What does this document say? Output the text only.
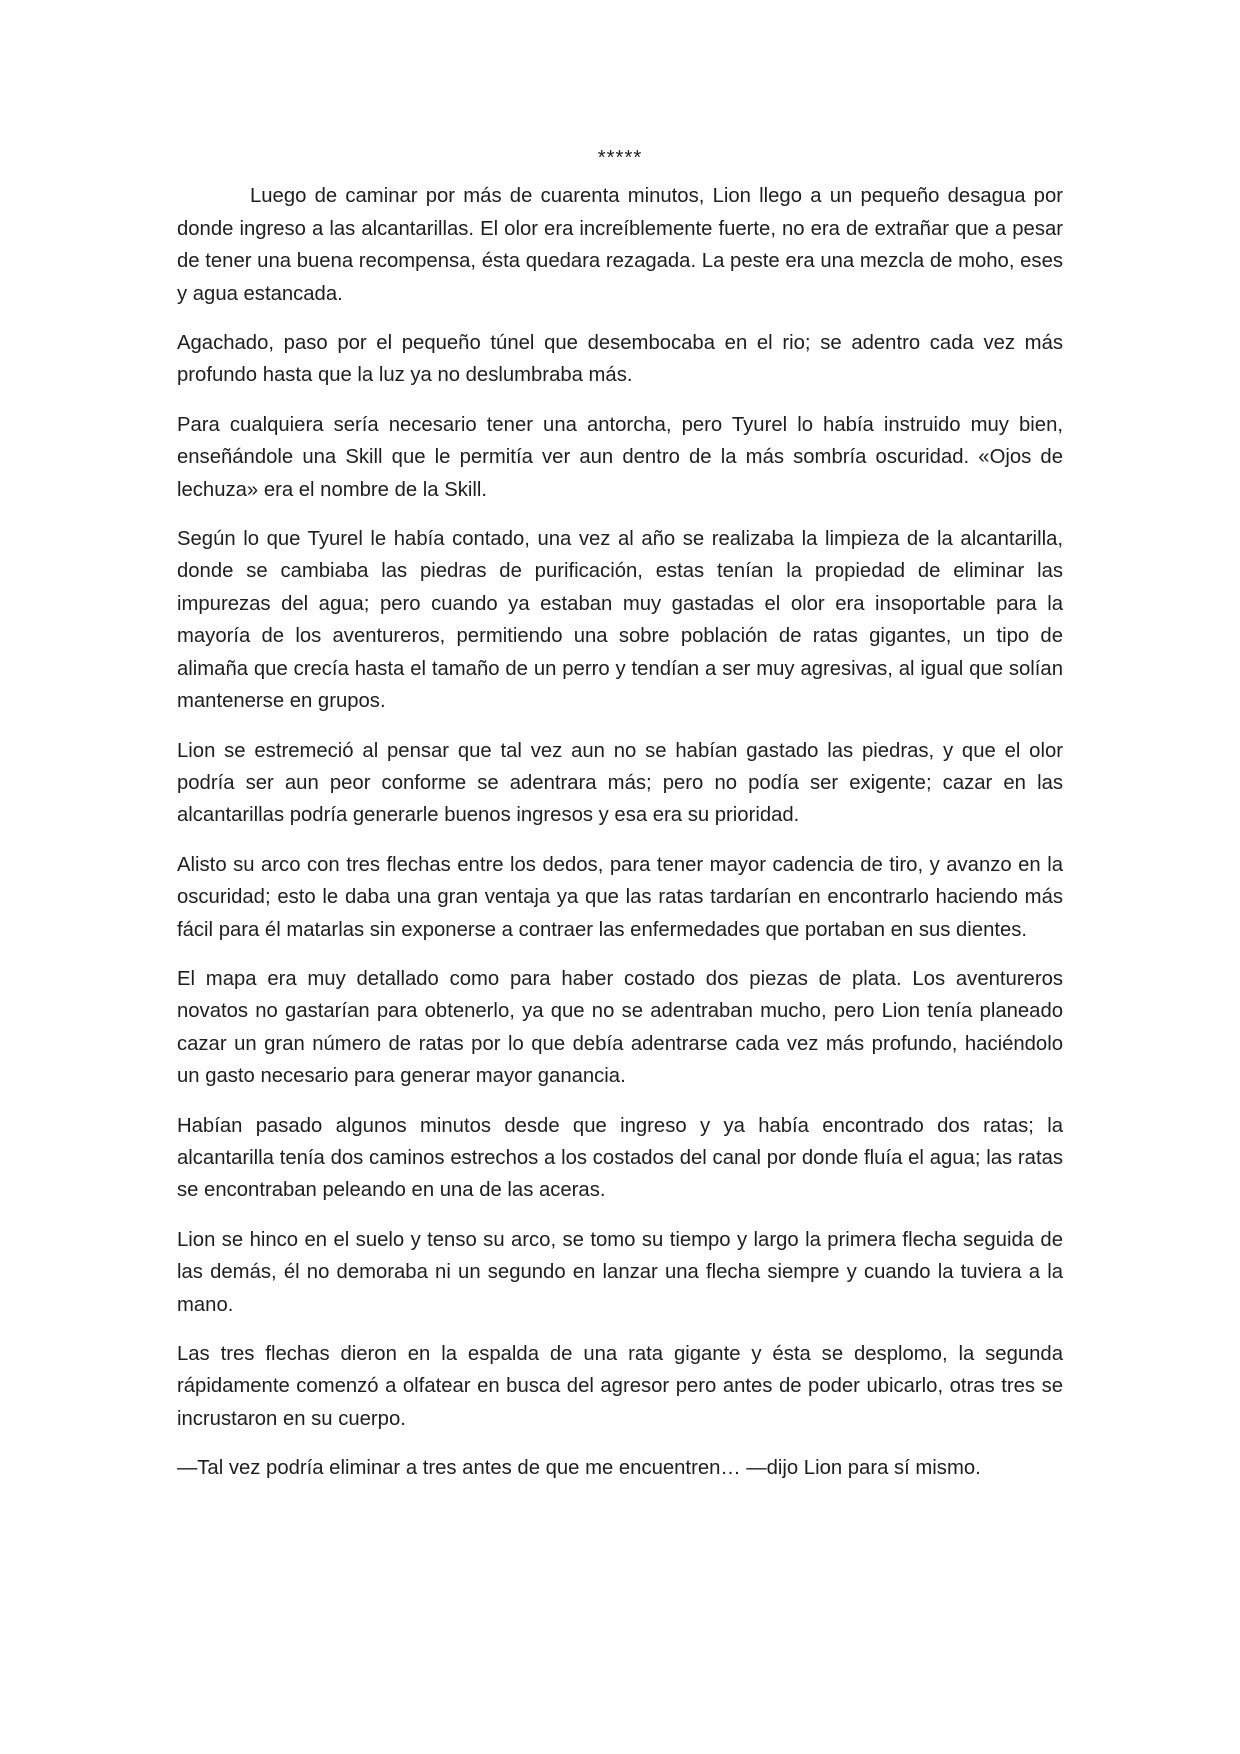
*****

Luego de caminar por más de cuarenta minutos, Lion llego a un pequeño desagua por donde ingreso a las alcantarillas. El olor era increíblemente fuerte, no era de extrañar que a pesar de tener una buena recompensa, ésta quedara rezagada. La peste era una mezcla de moho, eses y agua estancada.

Agachado, paso por el pequeño túnel que desembocaba en el rio; se adentro cada vez más profundo hasta que la luz ya no deslumbraba más.

Para cualquiera sería necesario tener una antorcha, pero Tyurel lo había instruido muy bien, enseñándole una Skill que le permitía ver aun dentro de la más sombría oscuridad. «Ojos de lechuza» era el nombre de la Skill.

Según lo que Tyurel le había contado, una vez al año se realizaba la limpieza de la alcantarilla, donde se cambiaba las piedras de purificación, estas tenían la propiedad de eliminar las impurezas del agua; pero cuando ya estaban muy gastadas el olor era insoportable para la mayoría de los aventureros, permitiendo una sobre población de ratas gigantes, un tipo de alimaña que crecía hasta el tamaño de un perro y tendían a ser muy agresivas, al igual que solían mantenerse en grupos.

Lion se estremeció al pensar que tal vez aun no se habían gastado las piedras, y que el olor podría ser aun peor conforme se adentrara más; pero no podía ser exigente; cazar en las alcantarillas podría generarle buenos ingresos y esa era su prioridad.

Alisto su arco con tres flechas entre los dedos, para tener mayor cadencia de tiro, y avanzo en la oscuridad; esto le daba una gran ventaja ya que las ratas tardarían en encontrarlo haciendo más fácil para él matarlas sin exponerse a contraer las enfermedades que portaban en sus dientes.

El mapa era muy detallado como para haber costado dos piezas de plata. Los aventureros novatos no gastarían para obtenerlo, ya que no se adentraban mucho, pero Lion tenía planeado cazar un gran número de ratas por lo que debía adentrarse cada vez más profundo, haciéndolo un gasto necesario para generar mayor ganancia.

Habían pasado algunos minutos desde que ingreso y ya había encontrado dos ratas; la alcantarilla tenía dos caminos estrechos a los costados del canal por donde fluía el agua; las ratas se encontraban peleando en una de las aceras.

Lion se hinco en el suelo y tenso su arco, se tomo su tiempo y largo la primera flecha seguida de las demás, él no demoraba ni un segundo en lanzar una flecha siempre y cuando la tuviera a la mano.

Las tres flechas dieron en la espalda de una rata gigante y ésta se desplomo, la segunda rápidamente comenzó a olfatear en busca del agresor pero antes de poder ubicarlo, otras tres se incrustaron en su cuerpo.

—Tal vez podría eliminar a tres antes de que me encuentren… —dijo Lion para sí mismo.
